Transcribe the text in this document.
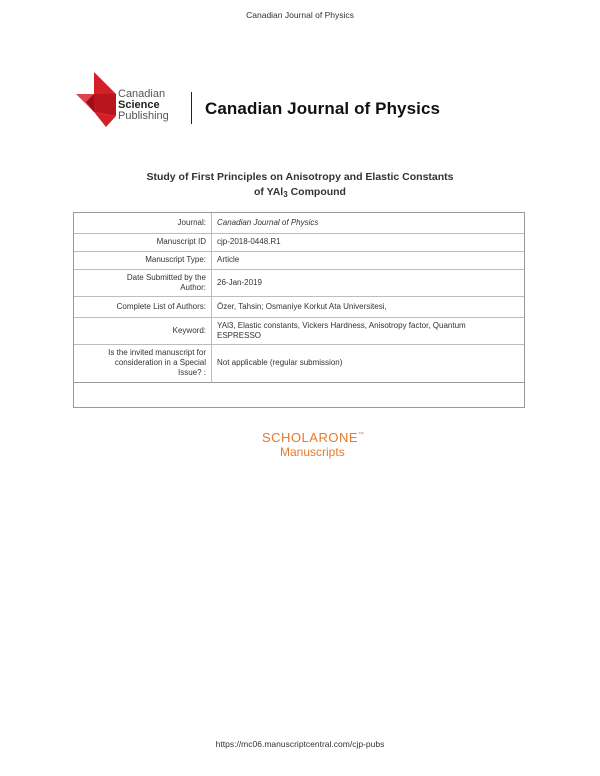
Canadian Journal of Physics
Canadian
Science
Publishing Canadian Journal of Physics
Study of First Principles on Anisotropy and Elastic Constants
of YAl$_3$ Compound
Journal:	Canadian Journal of Physics
Manuscript ID	cjp-2018-0448.R1
Manuscript Type:	Article

Date Submitted by the
Author:	26-Jan-2019
Complete List of Authors:	Özer, Tahsin; Osmaniye Korkut Ata Universitesi,
Keyword:	YAl3, Elastic constants, Vickers Hardness, Anisotropy factor, Quantum
ESPRESSO

Is the invited manuscript for
consideration in a Special
Issue? :	Not applicable (regular submission)
SCHOLARONE™
Manuscripts
https://mc06.manuscriptcentral.com/cjp-pubs
